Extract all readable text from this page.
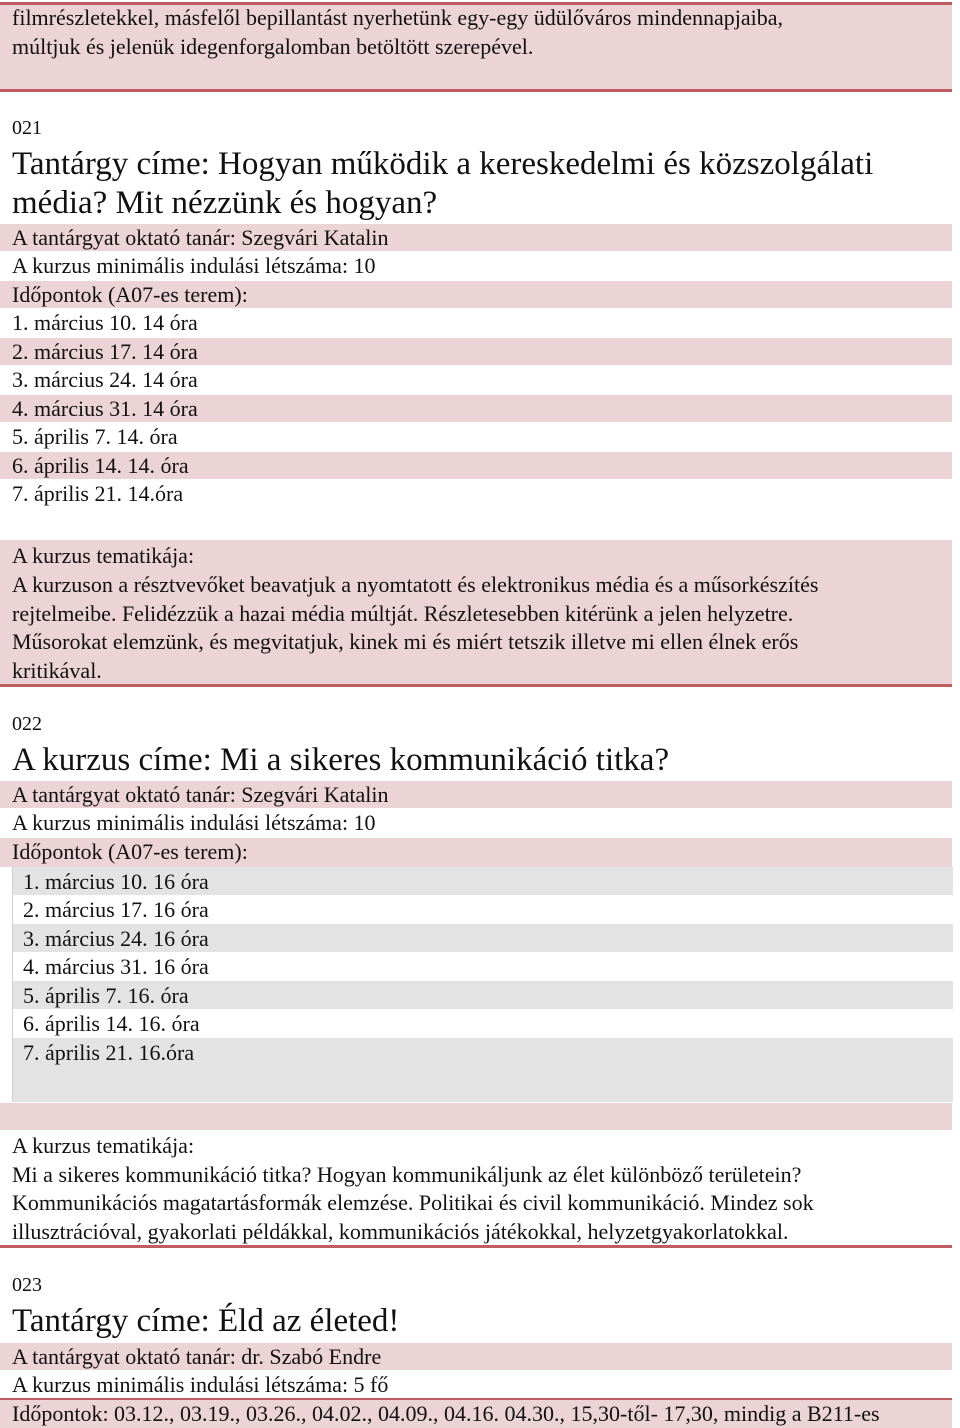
filmrészletekkel, másfelől bepillantást nyerhetünk egy-egy üdülőváros mindennapjaiba,
múltjuk és jelenük idegenforgalomban betöltött szerepével.
021
Tantárgy címe: Hogyan működik a kereskedelmi és közszolgálati
média? Mit nézzünk és hogyan?
A tantárgyat oktató tanár: Szegvári Katalin
A kurzus minimális indulási létszáma: 10
Időpontok (A07-es terem):
1. március 10. 14 óra
2. március 17. 14 óra
3. március 24. 14 óra
4. március 31. 14 óra
5. április 7. 14. óra
6. április 14. 14. óra
7. április 21. 14.óra
A kurzus tematikája:
A kurzuson a résztvevőket beavatjuk a nyomtatott és elektronikus média és a műsorkészítés
rejtelmeibe. Felidézzük a hazai média múltját. Részletesebben kitérünk a jelen helyzetre.
Műsorokat elemzünk, és megvitatjuk, kinek mi és miért tetszik illetve mi ellen élnek erős
kritikával.
022
A kurzus címe: Mi a sikeres kommunikáció titka?
A tantárgyat oktató tanár: Szegvári Katalin
A kurzus minimális indulási létszáma: 10
Időpontok (A07-es terem):
1. március 10. 16 óra
2. március 17. 16 óra
3. március 24. 16 óra
4. március 31. 16 óra
5. április 7. 16. óra
6. április 14. 16. óra
7. április 21. 16.óra
A kurzus tematikája:
Mi a sikeres kommunikáció titka? Hogyan kommunikáljunk az élet különböző területein?
Kommunikációs magatartásformák elemzése. Politikai és civil kommunikáció. Mindez sok
illusztrációval, gyakorlati példákkal, kommunikációs játékokkal, helyzetgyakorlatokkal.
023
Tantárgy címe: Éld az életed!
A tantárgyat oktató tanár: dr. Szabó Endre
A kurzus minimális indulási létszáma: 5 fő
Időpontok: 03.12., 03.19., 03.26., 04.02., 04.09., 04.16. 04.30., 15,30-től- 17,30, mindig a B211-es
